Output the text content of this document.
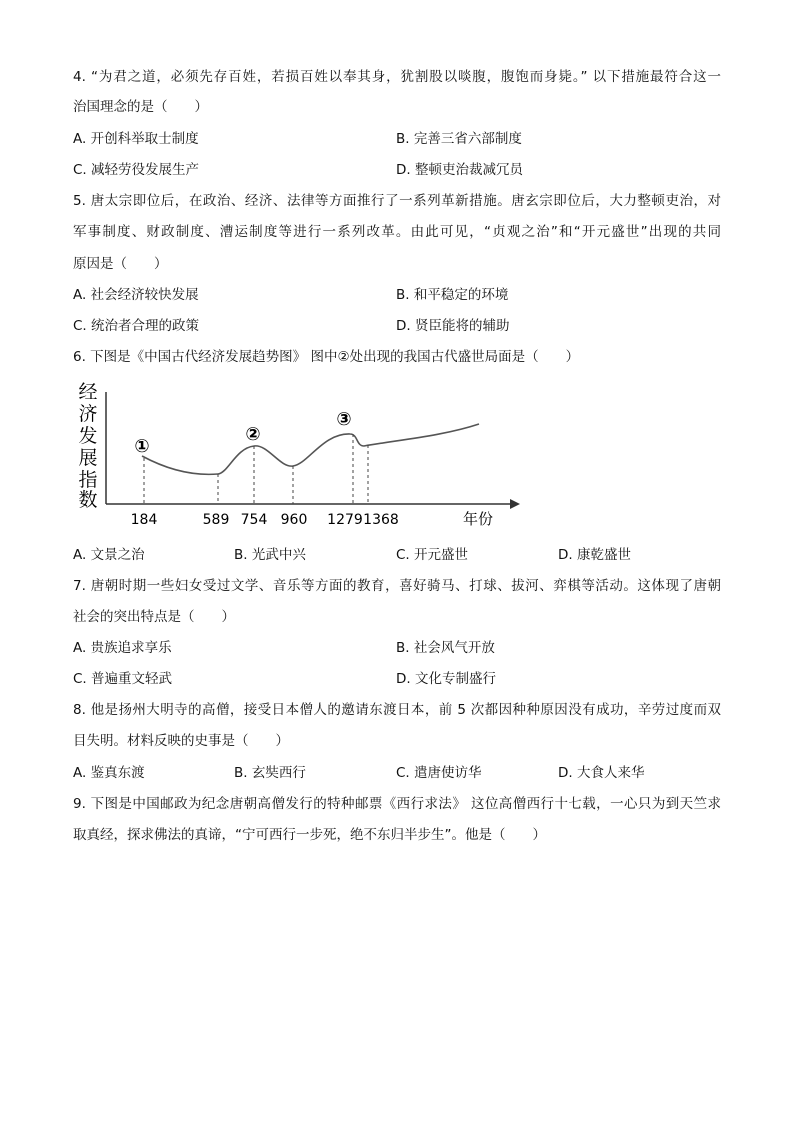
4. “为君之道，必须先存百姓，若损百姓以奉其身，犹割股以啖腹，腹饱而身毙。” 以下措施最符合这一
治国理念的是（　　）
A. 开创科举取士制度	B. 完善三省六部制度
C. 减轻劳役发展生产	D. 整顿吏治裁减冗员
5. 唐太宗即位后，在政治、经济、法律等方面推行了一系列革新措施。唐玄宗即位后，大力整顿吏治，对
军事制度、财政制度、漕运制度等进行一系列改革。由此可见，“贞观之治”和“开元盛世”出现的共同
原因是（　　）
A. 社会经济较快发展	B. 和平稳定的环境
C. 统治者合理的政策	D. 贤臣能将的辅助
6. 下图是《中国古代经济发展趋势图》 图中②处出现的我国古代盛世局面是（　　）
经
济
发
展
指
数
①
②
③
184	589 754 960 1279 1368	年份
A. 文景之治	B. 光武中兴	C. 开元盛世	D. 康乾盛世
7. 唐朝时期一些妇女受过文学、音乐等方面的教育，喜好骑马、打球、拔河、弈棋等活动。这体现了唐朝
社会的突出特点是（　　）
A. 贵族追求享乐	B. 社会风气开放
C. 普遍重文轻武	D. 文化专制盛行
8. 他是扬州大明寺的高僧，接受日本僧人的邀请东渡日本，前 5 次都因种种原因没有成功，辛劳过度而双
目失明。材料反映的史事是（　　）
A. 鉴真东渡	B. 玄奘西行	C. 遣唐使访华	D. 大食人来华
9. 下图是中国邮政为纪念唐朝高僧发行的特种邮票《西行求法》 这位高僧西行十七载，一心只为到天竺求
取真经，探求佛法的真谛，“宁可西行一步死，绝不东归半步生”。他是（　　）
